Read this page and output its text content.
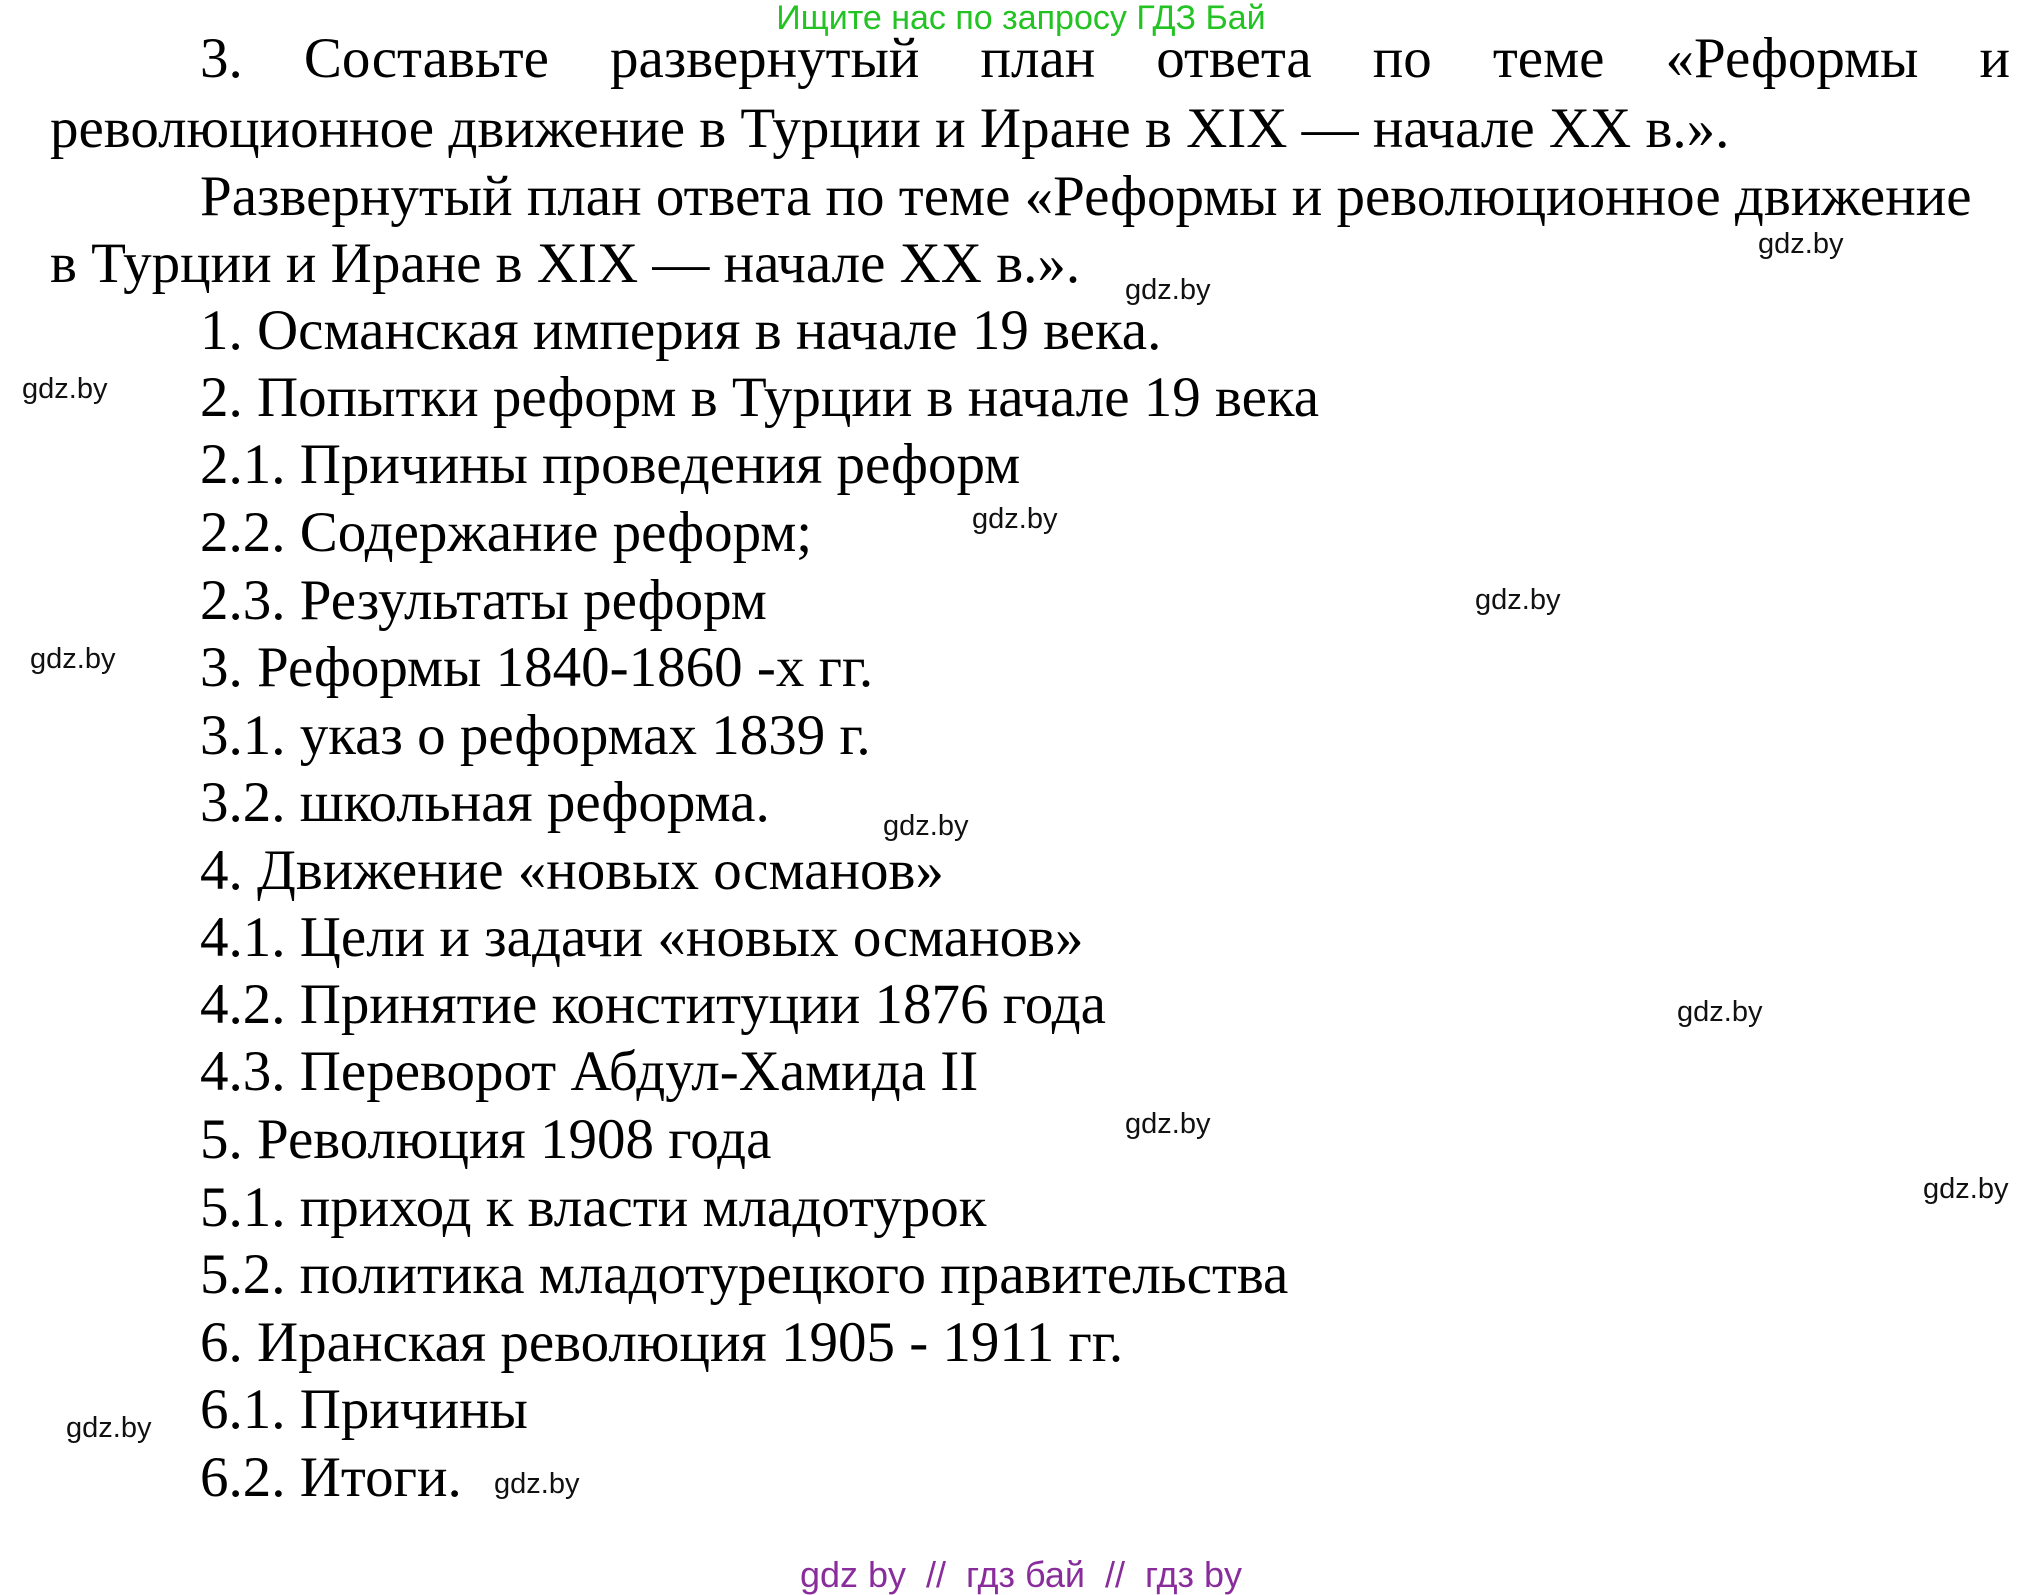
Ищите нас по запросу ГДЗ Бай
3. Составьте развернутый план ответа по теме «Реформы и
революционное движение в Турции и Иране в XIX — начале XX в.».
Развернутый план ответа по теме «Реформы и революционное движение
в Турции и Иране в XIX — начале XX в.».
1. Османская империя в начале 19 века.
2. Попытки реформ в Турции в начале 19 века
2.1. Причины проведения реформ
2.2. Содержание реформ;
2.3. Результаты реформ
3. Реформы 1840-1860 -х гг.
3.1. указ о реформах 1839 г.
3.2. школьная реформа.
4. Движение «новых османов»
4.1. Цели и задачи «новых османов»
4.2. Принятие конституции 1876 года
4.3. Переворот Абдул-Хамида II
5. Революция 1908 года
5.1. приход к власти младотурок
5.2. политика младотурецкого правительства
6. Иранская революция 1905 - 1911 гг.
6.1. Причины
6.2. Итоги.
gdz.by
gdz.by
gdz.by
gdz.by
gdz.by
gdz.by
gdz.by
gdz.by
gdz.by
gdz.by
gdz.by
gdz.by
gdz by  //  гдз бай  //  гдз by
